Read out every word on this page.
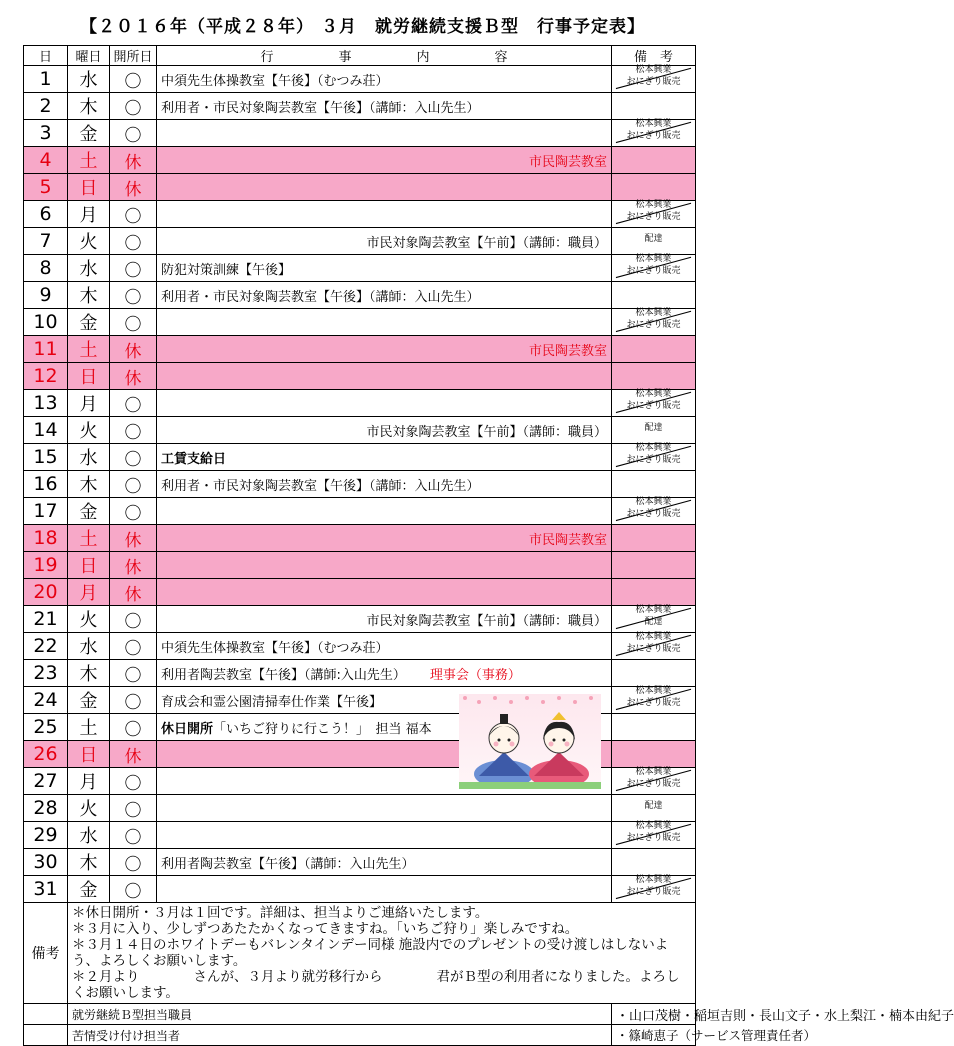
【２０１６年（平成２８年） ３月　就労継続支援Ｂ型　行事予定表】
日	曜日	開所日	行　　　　　事　　　　　内　　　　　容	備　考	
1	水	〇	中須先生体操教室【午後】（むつみ荘）	松本興業
おにぎり販売	

2	木	〇	利用者・市民対象陶芸教室【午後】（講師：入山先生）		
3	金	〇		松本興業
おにぎり販売	

4	土	休	市民陶芸教室		

5	日	休			
6	月	〇		松本興業
おにぎり販売	

7	火	〇	市民対象陶芸教室【午前】（講師：職員）	配達	

8	水	〇	防犯対策訓練【午後】	松本興業
おにぎり販売	

9	木	〇	利用者・市民対象陶芸教室【午後】（講師：入山先生）		
10	金	〇		松本興業
おにぎり販売	

11	土	休	市民陶芸教室		

12	日	休			
13	月	〇		松本興業
おにぎり販売	

14	火	〇	市民対象陶芸教室【午前】（講師：職員）	配達	

15	水	〇	工賃支給日	松本興業
おにぎり販売	

16	木	〇	利用者・市民対象陶芸教室【午後】（講師：入山先生）		
17	金	〇		松本興業
おにぎり販売	

18	土	休	市民陶芸教室		

19	日	休			
20	月	休			
21	火	〇	市民対象陶芸教室【午前】（講師：職員）	松本興業
配達	

22	水	〇	中須先生体操教室【午後】（むつみ荘）	松本興業
おにぎり販売	

23	木	〇	利用者陶芸教室【午後】（講師:入山先生） 理事会（事務）		
24	金	〇	育成会和霊公園清掃奉仕作業【午後】	松本興業
おにぎり販売	

25	土	〇	休日開所「いちご狩りに行こう！」　担当 福本		
26	日	休			
27	月	〇		松本興業
おにぎり販売	

28	火	〇		配達	

29	水	〇		松本興業
おにぎり販売	

30	木	〇	利用者陶芸教室【午後】（講師：入山先生）		
31	金	〇		松本興業
おにぎり販売	

備考	＊休日開所・３月は１回です。詳細は、担当よりご連絡いたします。
＊３月に入り、少しずつあたたかくなってきますね。「いちご狩り」楽しみですね。
＊３月１４日のホワイトデーもバレンタインデー同様 施設内でのプレゼントの受け渡しはしないよう、よろしくお願いします。
＊２月より　　　　さんが、３月より就労移行から　　　　君がＢ型の利用者になりました。よろしくお願いします。				

	就労継続Ｂ型担当職員			・山口茂樹・稲垣吉則・長山文子・水上梨江・楠本由紀子	
	苦情受け付け担当者			・篠崎恵子（サービス管理責任者）	
